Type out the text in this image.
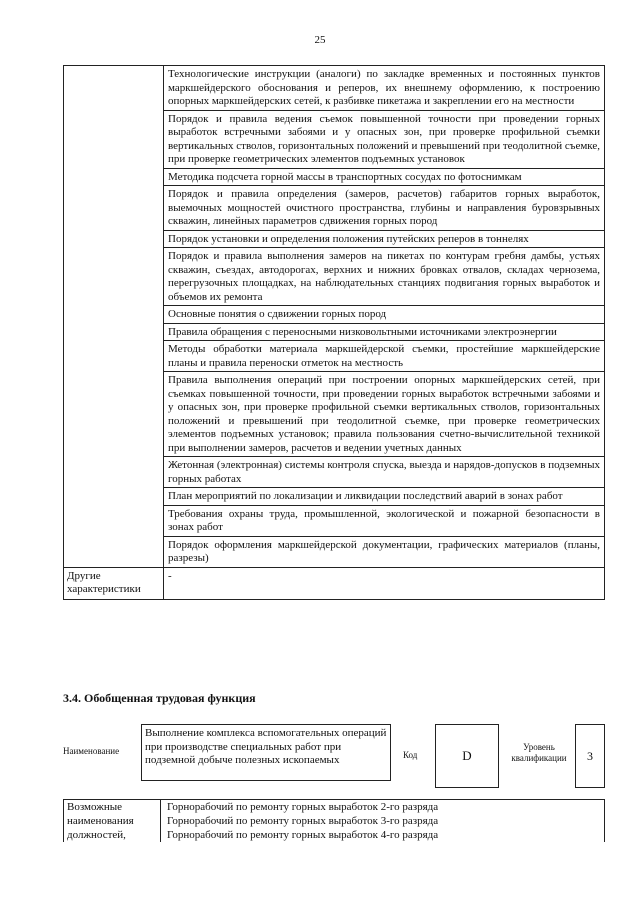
25
	Технологические инструкции (аналоги) по закладке временных и постоянных пунктов маркшейдерского обоснования и реперов, их внешнему оформлению, к построению опорных маркшейдерских сетей, к разбивке пикетажа и закреплении его на местности
	Порядок и правила ведения съемок повышенной точности при проведении горных выработок встречными забоями и у опасных зон, при проверке профильной съемки вертикальных стволов, горизонтальных положений и превышений при теодолитной съемке, при проверке геометрических элементов подъемных установок
	Методика подсчета горной массы в транспортных сосудах по фотоснимкам
	Порядок и правила определения (замеров, расчетов) габаритов горных выработок, выемочных мощностей очистного пространства, глубины и направления буровзрывных скважин, линейных параметров сдвижения горных пород
	Порядок установки и определения положения путейских реперов в тоннелях
	Порядок и правила выполнения замеров на пикетах по контурам гребня дамбы, устьях скважин, съездах, автодорогах, верхних и нижних бровках отвалов, складах чернозема, перегрузочных площадках, на наблюдательных станциях подвигания горных выработок и объемов их ремонта
	Основные понятия о сдвижении горных пород
	Правила обращения с переносными низковольтными источниками электроэнергии
	Методы обработки материала маркшейдерской съемки, простейшие маркшейдерские планы и правила переноски отметок на местность
	Правила выполнения операций при построении опорных маркшейдерских сетей, при съемках повышенной точности, при проведении горных выработок встречными забоями и у опасных зон, при проверке профильной съемки вертикальных стволов, горизонтальных положений и превышений при теодолитной съемке, при проверке геометрических элементов подъемных установок; правила пользования счетно-вычислительной техникой при выполнении замеров, расчетов и ведении учетных данных
	Жетонная (электронная) системы контроля спуска, выезда и нарядов-допусков в подземных горных работах
	План мероприятий по локализации и ликвидации последствий аварий в зонах работ
	Требования охраны труда, промышленной, экологической и пожарной безопасности в зонах работ
	Порядок оформления маркшейдерской документации, графических материалов (планы, разрезы)
Другие характеристики	-
3.4. Обобщенная трудовая функция
Наименование
Выполнение комплекса вспомогательных операций при производстве специальных работ при подземной добыче полезных ископаемых	Код	D
Уровень квалификации	3
Возможные наименования должностей,	Горнорабочий по ремонту горных выработок 2-го разряда
Горнорабочий по ремонту горных выработок 3-го разряда
Горнорабочий по ремонту горных выработок 4-го разряда
